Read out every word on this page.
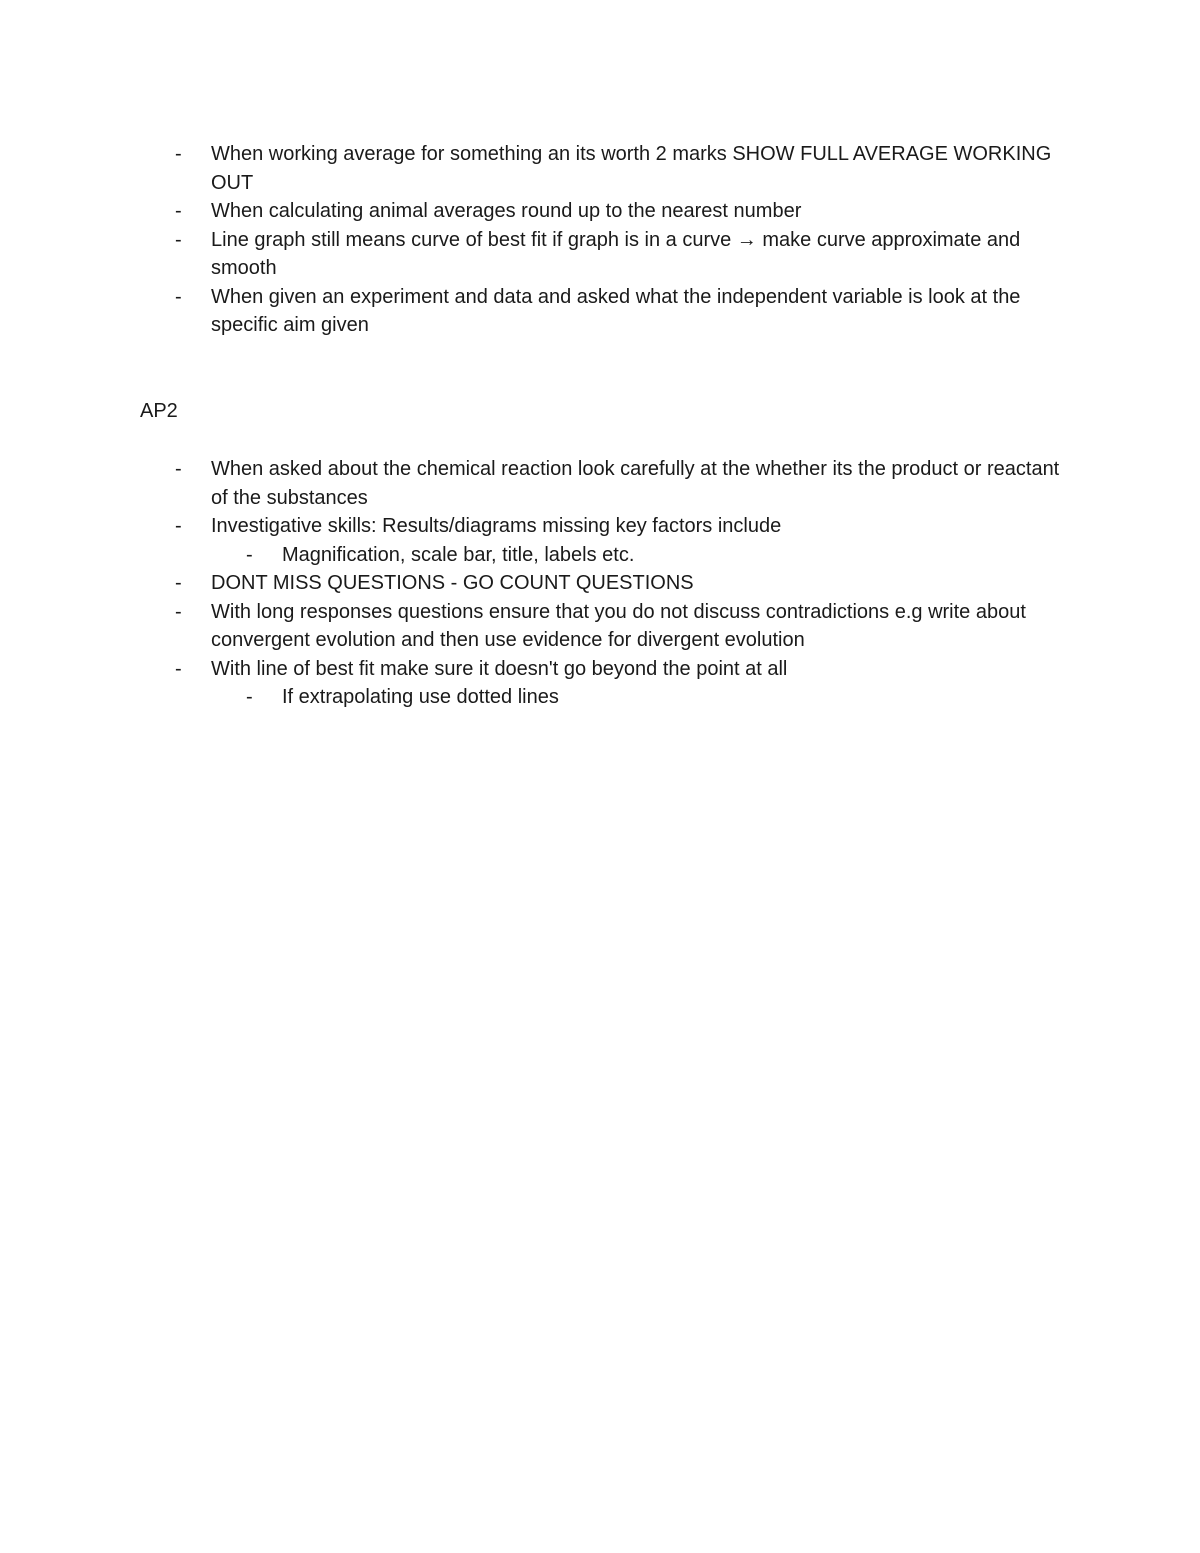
- When working average for something an its worth 2 marks SHOW FULL AVERAGE WORKING OUT
- When calculating animal averages round up to the nearest number
- Line graph still means curve of best fit if graph is in a curve → make curve approximate and smooth
- When given an experiment and data and asked what the independent variable is look at the specific aim given
AP2
- When asked about the chemical reaction look carefully at the whether its the product or reactant of the substances
- Investigative skills: Results/diagrams missing key factors include
- Magnification, scale bar, title, labels etc.
- DONT MISS QUESTIONS - GO COUNT QUESTIONS
- With long responses questions ensure that you do not discuss contradictions e.g write about convergent evolution and then use evidence for divergent evolution
- With line of best fit make sure it doesn't go beyond the point at all
- If extrapolating use dotted lines
